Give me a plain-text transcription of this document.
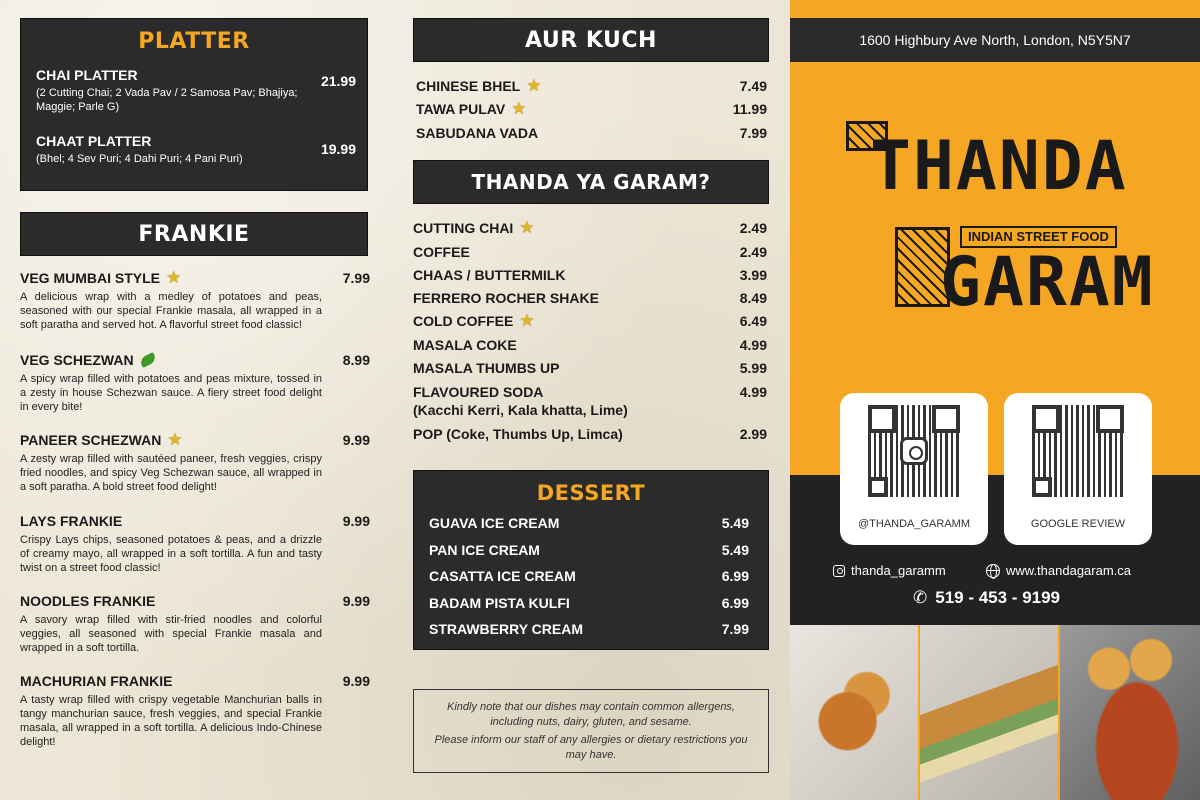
PLATTER
CHAI PLATTER
(2 Cutting Chai; 2 Vada Pav / 2 Samosa Pav; Bhajiya; Maggie; Parle G)
21.99
CHAAT PLATTER
(Bhel; 4 Sev Puri; 4 Dahi Puri; 4 Pani Puri)
19.99
FRANKIE
VEG MUMBAI STYLE ★	7.99
A delicious wrap with a medley of potatoes and peas, seasoned with our special Frankie masala, all wrapped in a soft paratha and served hot. A flavorful street food classic!
VEG SCHEZWAN	8.99
A spicy wrap filled with potatoes and peas mixture, tossed in a zesty in house Schezwan sauce. A fiery street food delight in every bite!
PANEER SCHEZWAN ★	9.99
A zesty wrap filled with sautéed paneer, fresh veggies, crispy fried noodles, and spicy Veg Schezwan sauce, all wrapped in a soft paratha. A bold street food delight!
LAYS FRANKIE	9.99
Crispy Lays chips, seasoned potatoes & peas, and a drizzle of creamy mayo, all wrapped in a soft tortilla. A fun and tasty twist on a street food classic!
NOODLES FRANKIE	9.99
A savory wrap filled with stir-fried noodles and colorful veggies, all seasoned with special Frankie masala and wrapped in a soft tortilla.
MACHURIAN FRANKIE	9.99
A tasty wrap filled with crispy vegetable Manchurian balls in tangy manchurian sauce, fresh veggies, and special Frankie masala, all wrapped in a soft tortilla. A delicious Indo-Chinese delight!
AUR KUCH
CHINESE BHEL ★	7.49
TAWA PULAV ★	11.99
SABUDANA VADA	7.99
THANDA YA GARAM?
CUTTING CHAI ★	2.49
COFFEE	2.49
CHAAS / BUTTERMILK	3.99
FERRERO ROCHER SHAKE	8.49
COLD COFFEE ★	6.49
MASALA COKE	4.99
MASALA THUMBS UP	5.99
FLAVOURED SODA
(Kacchi Kerri, Kala khatta, Lime)
4.99
POP (Coke, Thumbs Up, Limca)	2.99
DESSERT
GUAVA ICE CREAM	5.49
PAN ICE CREAM	5.49
CASATTA ICE CREAM	6.99
BADAM PISTA KULFI	6.99
STRAWBERRY CREAM	7.99

Kindly note that our dishes may contain common allergens, including nuts, dairy, gluten, and sesame.

Please inform our staff of any allergies or dietary restrictions you may have.

1600 Highbury Ave North, London, N5Y5N7
THANDA
INDIAN STREET FOOD
GARAM
@THANDA_GARAMM	GOOGLE REVIEW
thanda_garamm	www.thandagaram.ca
✆ 519 - 453 - 9199
